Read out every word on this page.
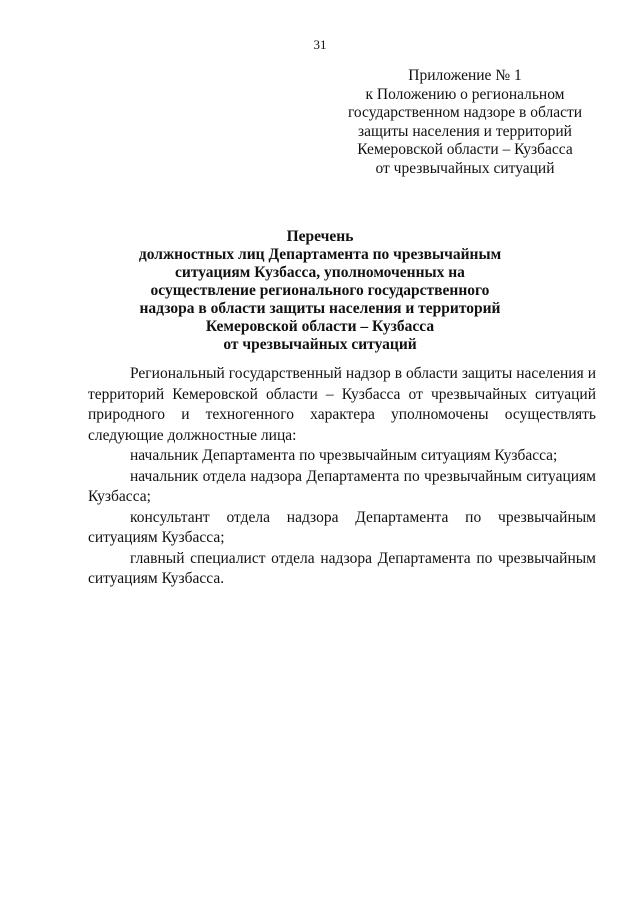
31
Приложение № 1
к Положению о региональном
государственном надзоре в области
защиты населения и территорий
Кемеровской области – Кузбасса
от чрезвычайных ситуаций
Перечень
должностных лиц Департамента по чрезвычайным
ситуациям Кузбасса, уполномоченных на
осуществление регионального государственного
надзора в области защиты населения и территорий
Кемеровской области – Кузбасса
от чрезвычайных ситуаций

Региональный государственный надзор в области защиты населения и территорий Кемеровской области – Кузбасса от чрезвычайных ситуаций природного и техногенного характера уполномочены осуществлять следующие должностные лица:

начальник Департамента по чрезвычайным ситуациям Кузбасса;

начальник отдела надзора Департамента по чрезвычайным ситуациям Кузбасса;

консультант отдела надзора Департамента по чрезвычайным ситуациям Кузбасса;

главный специалист отдела надзора Департамента по чрезвычайным ситуациям Кузбасса.
